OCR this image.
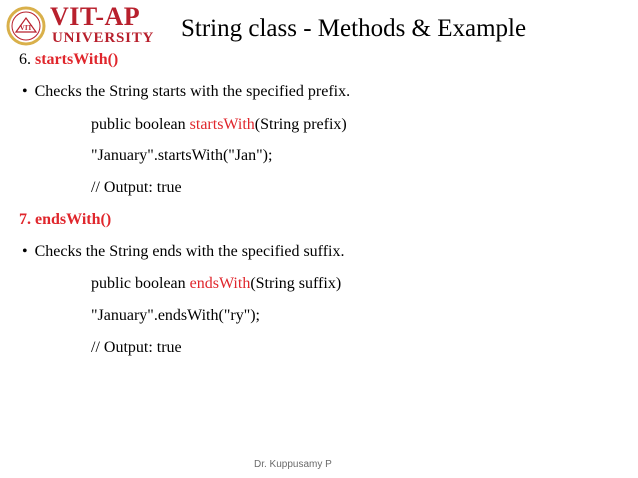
VIT VIT-AP
UNIVERSITY String class - Methods & Example
6. startsWith()
• Checks the String starts with the specified prefix.
public boolean startsWith(String prefix)
"January".startsWith("Jan");
// Output: true
7. endsWith()
• Checks the String ends with the specified suffix.
public boolean endsWith(String suffix)
"January".endsWith("ry");
// Output: true
Dr. Kuppusamy P
